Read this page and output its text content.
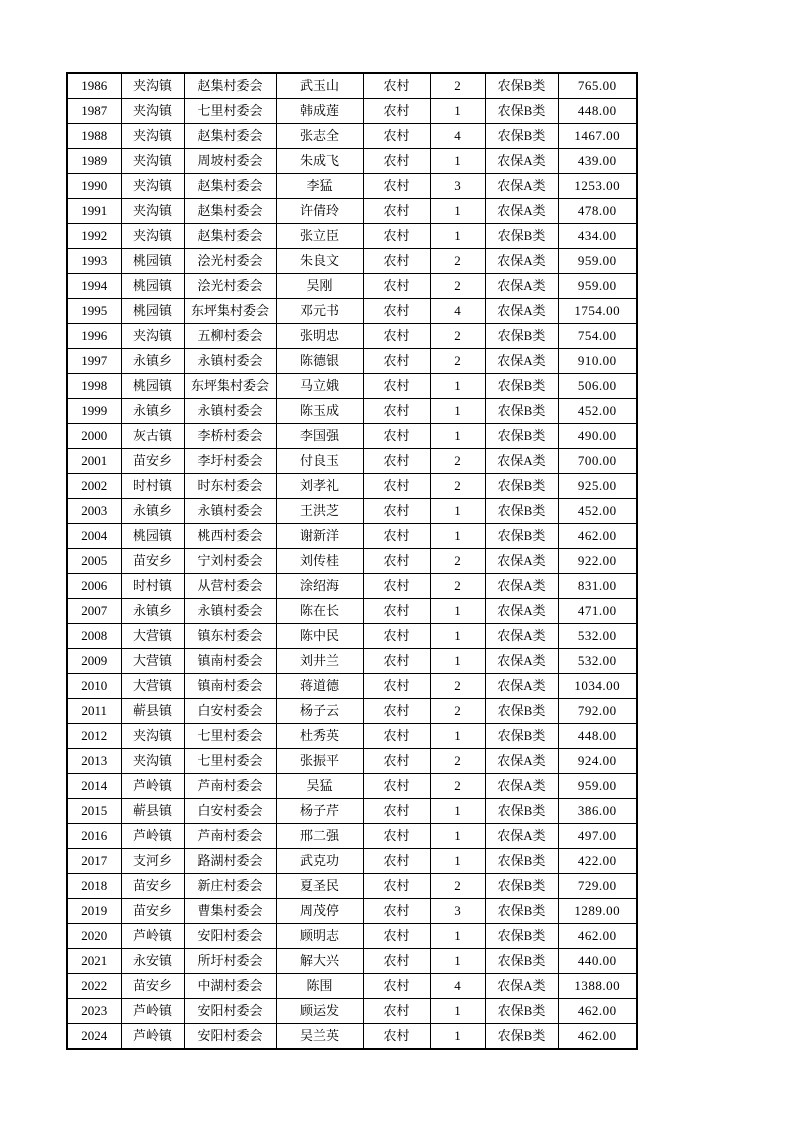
1986	夹沟镇	赵集村委会	武玉山	农村	2	农保B类	765.00
1987	夹沟镇	七里村委会	韩成莲	农村	1	农保B类	448.00
1988	夹沟镇	赵集村委会	张志全	农村	4	农保B类	1467.00
1989	夹沟镇	周坡村委会	朱成飞	农村	1	农保A类	439.00
1990	夹沟镇	赵集村委会	李猛	农村	3	农保A类	1253.00
1991	夹沟镇	赵集村委会	许倩玲	农村	1	农保A类	478.00
1992	夹沟镇	赵集村委会	张立臣	农村	1	农保B类	434.00
1993	桃园镇	浍光村委会	朱良文	农村	2	农保A类	959.00
1994	桃园镇	浍光村委会	吴刚	农村	2	农保A类	959.00
1995	桃园镇	东坪集村委会	邓元书	农村	4	农保A类	1754.00
1996	夹沟镇	五柳村委会	张明忠	农村	2	农保B类	754.00
1997	永镇乡	永镇村委会	陈德银	农村	2	农保A类	910.00
1998	桃园镇	东坪集村委会	马立娥	农村	1	农保B类	506.00
1999	永镇乡	永镇村委会	陈玉成	农村	1	农保B类	452.00
2000	灰古镇	李桥村委会	李国强	农村	1	农保B类	490.00
2001	苗安乡	李圩村委会	付良玉	农村	2	农保A类	700.00
2002	时村镇	时东村委会	刘孝礼	农村	2	农保B类	925.00
2003	永镇乡	永镇村委会	王洪芝	农村	1	农保B类	452.00
2004	桃园镇	桃西村委会	谢新洋	农村	1	农保B类	462.00
2005	苗安乡	宁刘村委会	刘传桂	农村	2	农保A类	922.00
2006	时村镇	从营村委会	涂绍海	农村	2	农保A类	831.00
2007	永镇乡	永镇村委会	陈在长	农村	1	农保A类	471.00
2008	大营镇	镇东村委会	陈中民	农村	1	农保A类	532.00
2009	大营镇	镇南村委会	刘井兰	农村	1	农保A类	532.00
2010	大营镇	镇南村委会	蒋道德	农村	2	农保A类	1034.00
2011	蕲县镇	白安村委会	杨子云	农村	2	农保B类	792.00
2012	夹沟镇	七里村委会	杜秀英	农村	1	农保B类	448.00
2013	夹沟镇	七里村委会	张振平	农村	2	农保A类	924.00
2014	芦岭镇	芦南村委会	吴猛	农村	2	农保A类	959.00
2015	蕲县镇	白安村委会	杨子芹	农村	1	农保B类	386.00
2016	芦岭镇	芦南村委会	邢二强	农村	1	农保A类	497.00
2017	支河乡	路湖村委会	武克功	农村	1	农保B类	422.00
2018	苗安乡	新庄村委会	夏圣民	农村	2	农保B类	729.00
2019	苗安乡	曹集村委会	周茂停	农村	3	农保B类	1289.00
2020	芦岭镇	安阳村委会	顾明志	农村	1	农保B类	462.00
2021	永安镇	所圩村委会	解大兴	农村	1	农保B类	440.00
2022	苗安乡	中湖村委会	陈围	农村	4	农保A类	1388.00
2023	芦岭镇	安阳村委会	顾运发	农村	1	农保B类	462.00
2024	芦岭镇	安阳村委会	吴兰英	农村	1	农保B类	462.00
